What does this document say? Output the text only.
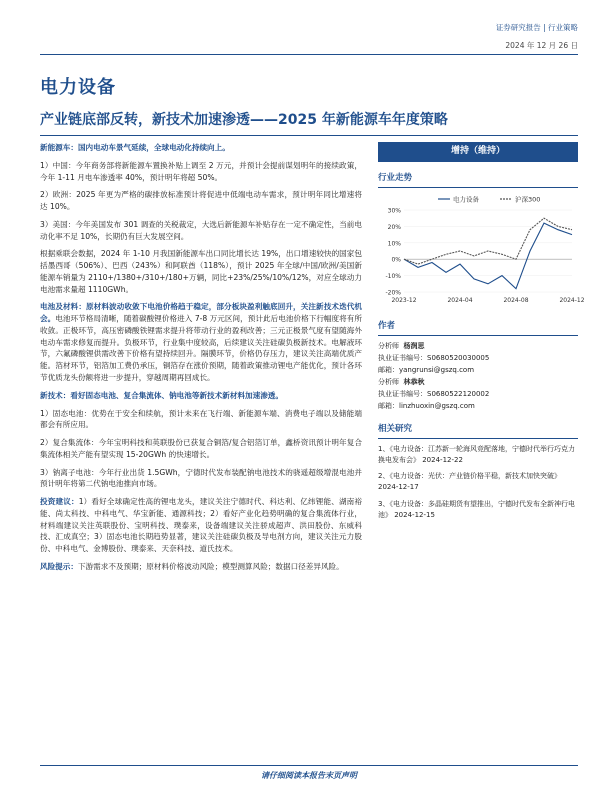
证券研究报告 | 行业策略
2024 年 12 月 26 日
电力设备
产业链底部反转，新技术加速渗透——2025 年新能源车年度策略

新能源车：国内电动车景气延续，全球电动化持续向上。

1）中国：今年商务部将新能源车置换补贴上调至 2 万元，并预计会提前谋划明年的接续政策，今年 1-11 月电车渗透率 40%，预计明年将超 50%。

2）欧洲：2025 年更为严格的碳排放标准预计将促进中低端电动车需求，预计明年同比增速将达 10%。

3）美国：今年美国发布 301 调查的关税裁定，大选后新能源车补贴存在一定不确定性，当前电动化率不足 10%，长期仍有巨大发展空间。

根据乘联会数据，2024 年 1-10 月我国新能源车出口同比增长达 19%，出口增速较快的国家包括墨西哥（506%）、巴西（243%）和阿联酋（118%），预计 2025 年全球/中国/欧洲/美国新能源车销量为 2110+/1380+/310+/180+万辆，同比+23%/25%/10%/12%，对应全球动力电池需求量超 1110GWh。

电池及材料：原材料波动收敛下电池价格趋于稳定，部分板块盈利触底回升，关注新技术迭代机会。电池环节格局清晰，随着碳酸锂价格进入 7-8 万元区间，预计此后电池价格下行幅度将有所收敛。正极环节，高压密磷酸铁锂需求提升将带动行业的盈利改善；三元正极景气度有望随海外电动车需求修复而提升。负极环节，行业集中度较高，后续建议关注硅碳负极新技术。电解液环节，六氟磷酸锂供需改善下价格有望持续回升。隔膜环节，价格仍存压力，建议关注高端优质产能。箔材环节，铝箔加工费仍承压，铜箔存在涨价预期，随着政策推动锂电产能优化，预计各环节优质龙头份额将进一步提升，穿越周期再回成长。

新技术：看好固态电池、复合集流体、钠电池等新技术新材料加速渗透。

1）固态电池：优势在于安全和续航，预计未来在飞行端、新能源车端、消费电子端以及储能端都会有所应用。

2）复合集流体：今年宝明科技和英联股份已获复合铜箔/复合铝箔订单，鑫桥资讯预计明年复合集流体相关产能有望实现 15-20GWh 的快速增长。

3）钠离子电池：今年行业出货 1.5GWh，宁德时代发布装配钠电池技术的骁遥超级增混电池并预计明年将第二代钠电池推向市场。

投资建议：1）看好全球确定性高的锂电龙头，建议关注宁德时代、科达利、亿纬锂能、湖南裕能、尚太科技、中科电气、华宝新能、通源科技；2）看好产业化趋势明确的复合集流体行业，材料端建议关注英联股份、宝明科技、璞泰来，设备端建议关注骄成超声、洪田股份、东威科技、汇成真空；3）固态电池长期趋势显著，建议关注硅碳负极及导电剂方向，建议关注元力股份、中科电气、金博股份、璞泰来、天奈科技、道氏技术。

风险提示：下游需求不及预期；原材料价格波动风险；模型测算风险；数据口径差异风险。

增持（维持）
行业走势
30%
20%
10%
0%
-10%
-20%
2023-12	2024-04	2024-08	2024-12
电力设备	沪深300
作者
分析师 杨润思
执业证书编号：S0680520030005
邮箱：yangrunsi@gszq.com
分析师 林恭秋
执业证书编号：S0680522120002
邮箱：linzhuoxin@gszq.com
相关研究
1、《电力设备：江苏新一轮海风竞配落地，宁德时代举行巧克力换电发布会》 2024-12-22
2、《电力设备：光伏：产业链价格平稳，新技术加快突破》 2024-12-17
3、《电力设备：多晶硅期货有望推出，宁德时代发布全新神行电池》 2024-12-15
请仔细阅读本报告末页声明
